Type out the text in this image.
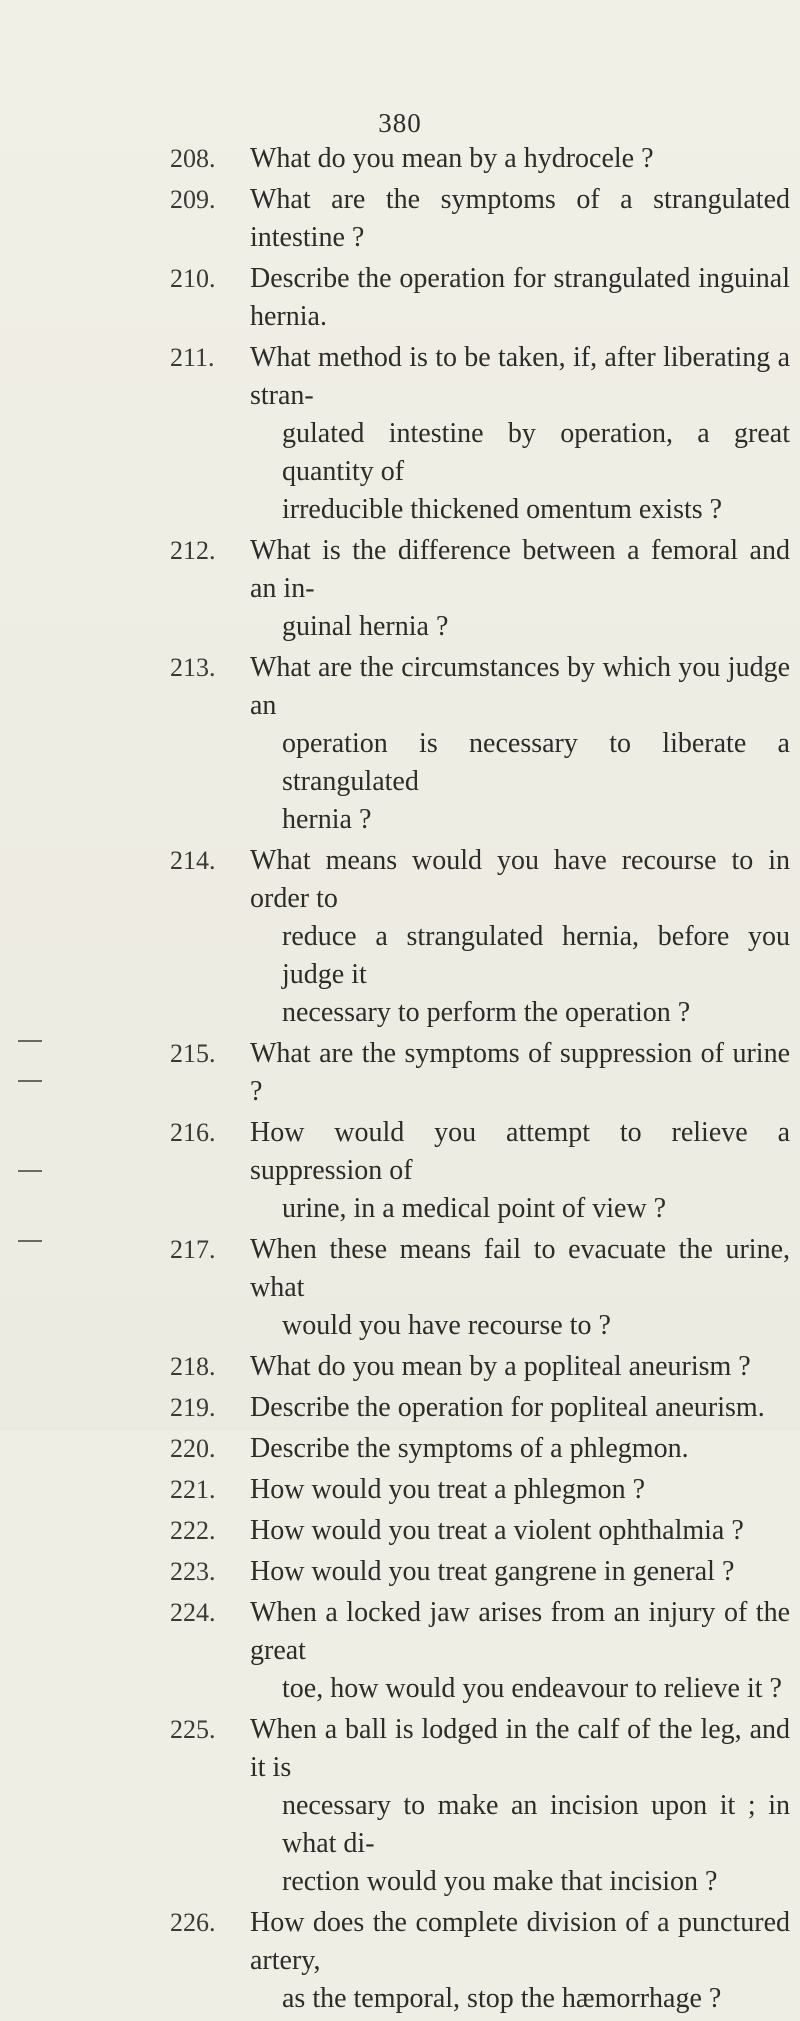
380
208.	What do you mean by a hydrocele ?
209.	What are the symptoms of a strangulated intestine ?
210.	Describe the operation for strangulated inguinal hernia.
211.	What method is to be taken, if, after liberating a stran-
gulated intestine by operation, a great quantity of
irreducible thickened omentum exists ?
212.	What is the difference between a femoral and an in-
guinal hernia ?
213.	What are the circumstances by which you judge an
operation is necessary to liberate a strangulated
hernia ?
214.	What means would you have recourse to in order to
reduce a strangulated hernia, before you judge it
necessary to perform the operation ?
215.	What are the symptoms of suppression of urine ?
216.	How would you attempt to relieve a suppression of
urine, in a medical point of view ?
217.	When these means fail to evacuate the urine, what
would you have recourse to ?
218.	What do you mean by a popliteal aneurism ?
219.	Describe the operation for popliteal aneurism.
220.	Describe the symptoms of a phlegmon.
221.	How would you treat a phlegmon ?
222.	How would you treat a violent ophthalmia ?
223.	How would you treat gangrene in general ?
224.	When a locked jaw arises from an injury of the great
toe, how would you endeavour to relieve it ?
225.	When a ball is lodged in the calf of the leg, and it is
necessary to make an incision upon it ; in what di-
rection would you make that incision ?
226.	How does the complete division of a punctured artery,
as the temporal, stop the hæmorrhage ?
